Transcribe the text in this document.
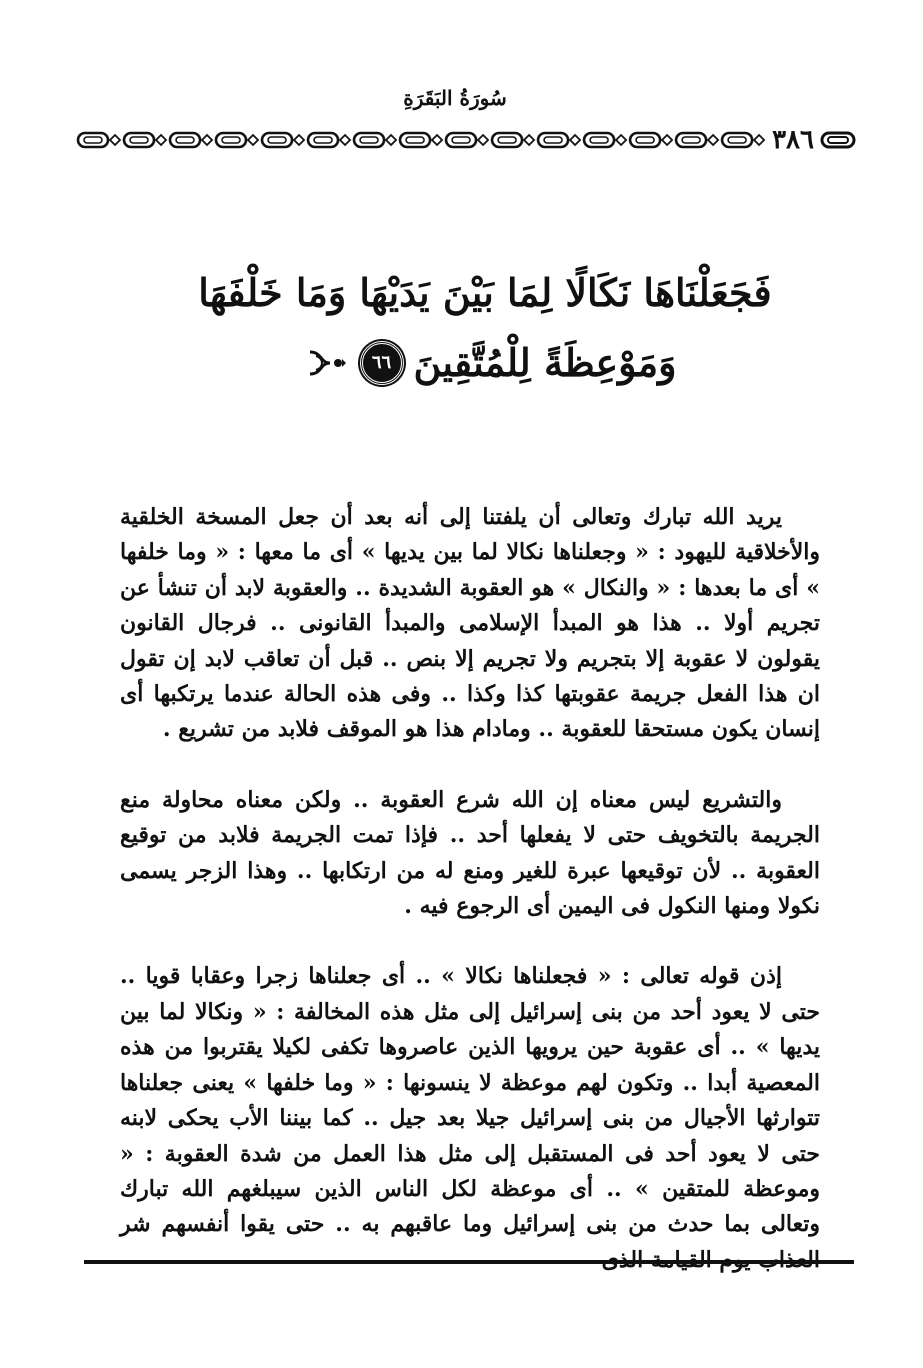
سُورَةُ البَقَرَةِ
٣٨٦
فَجَعَلْنَاهَا نَكَالًا لِمَا بَيْنَ يَدَيْهَا وَمَا خَلْفَهَا
وَمَوْعِظَةً لِلْمُتَّقِينَ
٦٦

يريد الله تبارك وتعالى أن يلفتنا إلى أنه بعد أن جعل المسخة الخلقية والأخلاقية لليهود : « وجعلناها نكالا لما بين يديها » أى ما معها : « وما خلفها » أى ما بعدها : « والنكال » هو العقوبة الشديدة .. والعقوبة لابد أن تنشأ عن تجريم أولا .. هذا هو المبدأ الإسلامى والمبدأ القانونى .. فرجال القانون يقولون لا عقوبة إلا بتجريم ولا تجريم إلا بنص .. قبل أن تعاقب لابد إن تقول ان هذا الفعل جريمة عقوبتها كذا وكذا .. وفى هذه الحالة عندما يرتكبها أى إنسان يكون مستحقا للعقوبة .. ومادام هذا هو الموقف فلابد من تشريع .

والتشريع ليس معناه إن الله شرع العقوبة .. ولكن معناه محاولة منع الجريمة بالتخويف حتى لا يفعلها أحد .. فإذا تمت الجريمة فلابد من توقيع العقوبة .. لأن توقيعها عبرة للغير ومنع له من ارتكابها .. وهذا الزجر يسمى نكولا ومنها النكول فى اليمين أى الرجوع فيه .

إذن قوله تعالى : « فجعلناها نكالا » .. أى جعلناها زجرا وعقابا قويا .. حتى لا يعود أحد من بنى إسرائيل إلى مثل هذه المخالفة : « ونكالا لما بين يديها » .. أى عقوبة حين يرويها الذين عاصروها تكفى لكيلا يقتربوا من هذه المعصية أبدا .. وتكون لهم موعظة لا ينسونها : « وما خلفها » يعنى جعلناها تتوارثها الأجيال من بنى إسرائيل جيلا بعد جيل .. كما بيننا الأب يحكى لابنه حتى لا يعود أحد فى المستقبل إلى مثل هذا العمل من شدة العقوبة : « وموعظة للمتقين » .. أى موعظة لكل الناس الذين سيبلغهم الله تبارك وتعالى بما حدث من بنى إسرائيل وما عاقبهم به .. حتى يقوا أنفسهم شر العذاب يوم القيامة الذى
